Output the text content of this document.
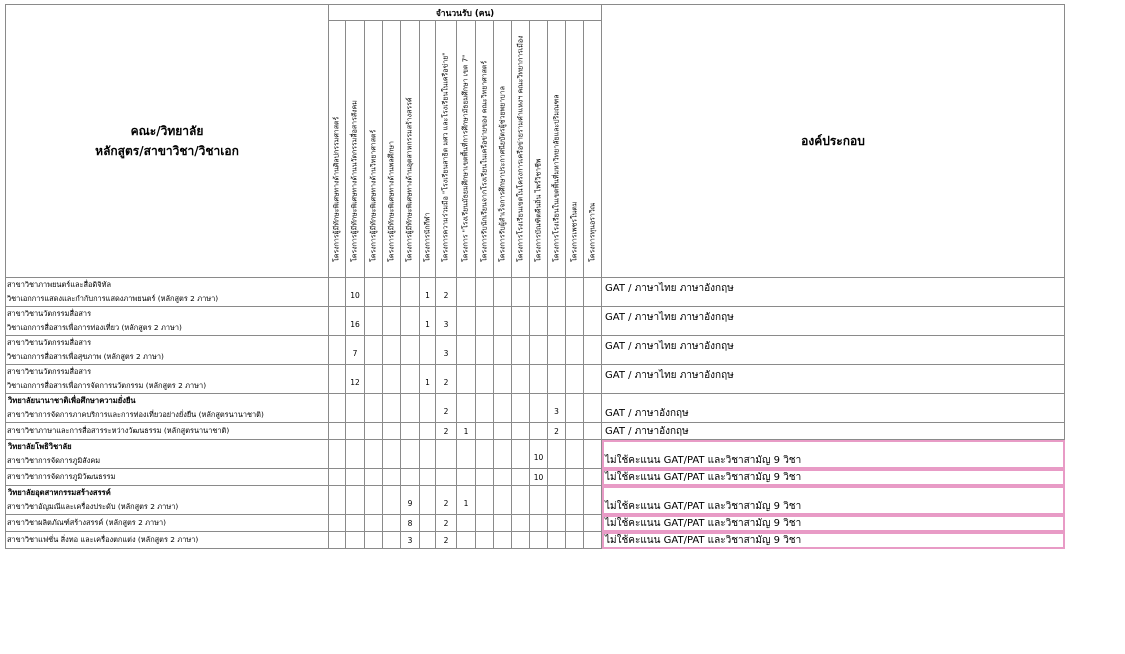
คณะ/วิทยาลัย
หลักสูตร/สาขาวิชา/วิชาเอก	จำนวนรับ (คน)															องค์ประกอบ

	โครงการผู้มีทักษะพิเศษทางด้านศิลปกรรมศาสตร์	โครงการผู้มีทักษะพิเศษทางด้านนวัตกรรมสื่อสารสังคม	โครงการผู้มีทักษะพิเศษทางด้านวิทยาศาสตร์	โครงการผู้มีทักษะพิเศษทางด้านพลศึกษา	โครงการผู้มีทักษะพิเศษทางด้านอุตสาหกรรมสร้างสรรค์	โครงการนักกีฬา	โครงการความร่วมมือ "โรงเรียนสาธิต มศว และโรงเรียนในเครือข่าย"	โครงการ "โรงเรียนมัธยมศึกษาเขตพื้นที่การศึกษามัธยมศึกษา เขต 7"	โครงการรับนักเรียนจากโรงเรียนในเครือข่ายของ คณะวิทยาศาสตร์	โครงการรับผู้สำเร็จการศึกษาประกาศนียบัตรผู้ช่วยพยาบาล	โครงการโรงเรียนเขตในโครงการเครือข่ายรามคำแหงฯ คณะวิทยาการเมือง	โครงการบัณฑิตคืนถิ่น ไพร์วิชาชีพ	โครงการโรงเรียนในเขตพื้นที่มหาวิทยาลัยและปริมณฑล	โครงการเพชรในตม	โครงการทุนอราวิณ	

สาขาวิชาภาพยนตร์และสื่อดิจิทัล
วิชาเอกการแสดงและกำกับการแสดงภาพยนตร์ (หลักสูตร 2 ภาษา)		10				1	2									GAT / ภาษาไทย ภาษาอังกฤษ

สาขาวิชานวัตกรรมสื่อสาร
วิชาเอกการสื่อสารเพื่อการท่องเที่ยว (หลักสูตร 2 ภาษา)		16				1	3									GAT / ภาษาไทย ภาษาอังกฤษ

สาขาวิชานวัตกรรมสื่อสาร
วิชาเอกการสื่อสารเพื่อสุขภาพ (หลักสูตร 2 ภาษา)		7					3									GAT / ภาษาไทย ภาษาอังกฤษ

สาขาวิชานวัตกรรมสื่อสาร
วิชาเอกการสื่อสารเพื่อการจัดการนวัตกรรม (หลักสูตร 2 ภาษา)		12				1	2									GAT / ภาษาไทย ภาษาอังกฤษ

วิทยาลัยนานาชาติเพื่อศึกษาความยั่งยืน
สาขาวิชาการจัดการภาคบริการและการท่องเที่ยวอย่างยั่งยืน (หลักสูตรนานาชาติ)							2						3			GAT / ภาษาอังกฤษ

สาขาวิชาภาษาและการสื่อสารระหว่างวัฒนธรรม (หลักสูตรนานาชาติ)							2	1					2			GAT / ภาษาอังกฤษ

วิทยาลัยโพธิวิชาลัย
สาขาวิชาการจัดการภูมิสังคม												10				ไม่ใช้คะแนน GAT/PAT และวิชาสามัญ 9 วิชา

สาขาวิชาการจัดการภูมิวัฒนธรรม												10				ไม่ใช้คะแนน GAT/PAT และวิชาสามัญ 9 วิชา

วิทยาลัยอุตสาหกรรมสร้างสรรค์
สาขาวิชาอัญมณีและเครื่องประดับ (หลักสูตร 2 ภาษา)					9		2	1								ไม่ใช้คะแนน GAT/PAT และวิชาสามัญ 9 วิชา

สาขาวิชาผลิตภัณฑ์สร้างสรรค์ (หลักสูตร 2 ภาษา)					8		2									ไม่ใช้คะแนน GAT/PAT และวิชาสามัญ 9 วิชา

สาขาวิชาแฟชั่น สิ่งทอ และเครื่องตกแต่ง (หลักสูตร 2 ภาษา)					3		2									ไม่ใช้คะแนน GAT/PAT และวิชาสามัญ 9 วิชา
